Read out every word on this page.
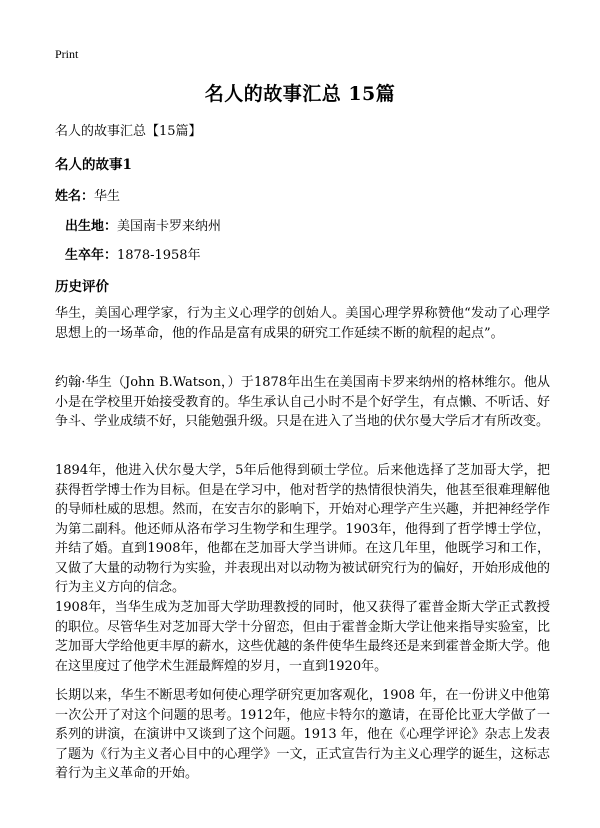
Print
名人的故事汇总 15篇
名人的故事汇总【15篇】
名人的故事1
姓名：华生
出生地：美国南卡罗来纳州
生卒年：1878-1958年
历史评价

华生，美国心理学家，行为主义心理学的创始人。美国心理学界称赞他“发动了心理学思想上的一场革命，他的作品是富有成果的研究工作延续不断的航程的起点”。

约翰·华生（John B.Watson，）于1878年出生在美国南卡罗来纳州的格林维尔。他从小是在学校里开始接受教育的。华生承认自己小时不是个好学生，有点懒、不听话、好争斗、学业成绩不好，只能勉强升级。只是在进入了当地的伏尔曼大学后才有所改变。

1894年，他进入伏尔曼大学，5年后他得到硕士学位。后来他选择了芝加哥大学，把获得哲学博士作为目标。但是在学习中，他对哲学的热情很快消失，他甚至很难理解他的导师杜威的思想。然而，在安吉尔的影响下，开始对心理学产生兴趣，并把神经学作为第二副科。他还师从洛布学习生物学和生理学。1903年，他得到了哲学博士学位，并结了婚。直到1908年，他都在芝加哥大学当讲师。在这几年里，他既学习和工作，又做了大量的动物行为实验，并表现出对以动物为被试研究行为的偏好，开始形成他的行为主义方向的信念。

1908年，当华生成为芝加哥大学助理教授的同时，他又获得了霍普金斯大学正式教授的职位。尽管华生对芝加哥大学十分留恋，但由于霍普金斯大学让他来指导实验室，比芝加哥大学给他更丰厚的薪水，这些优越的条件使华生最终还是来到霍普金斯大学。他在这里度过了他学术生涯最辉煌的岁月，一直到1920年。

长期以来，华生不断思考如何使心理学研究更加客观化，1908 年，在一份讲义中他第一次公开了对这个问题的思考。1912年，他应卡特尔的邀请，在哥伦比亚大学做了一系列的讲演，在演讲中又谈到了这个问题。1913 年，他在《心理学评论》杂志上发表了题为《行为主义者心目中的心理学》一文，正式宣告行为主义心理学的诞生，这标志着行为主义革命的开始。
